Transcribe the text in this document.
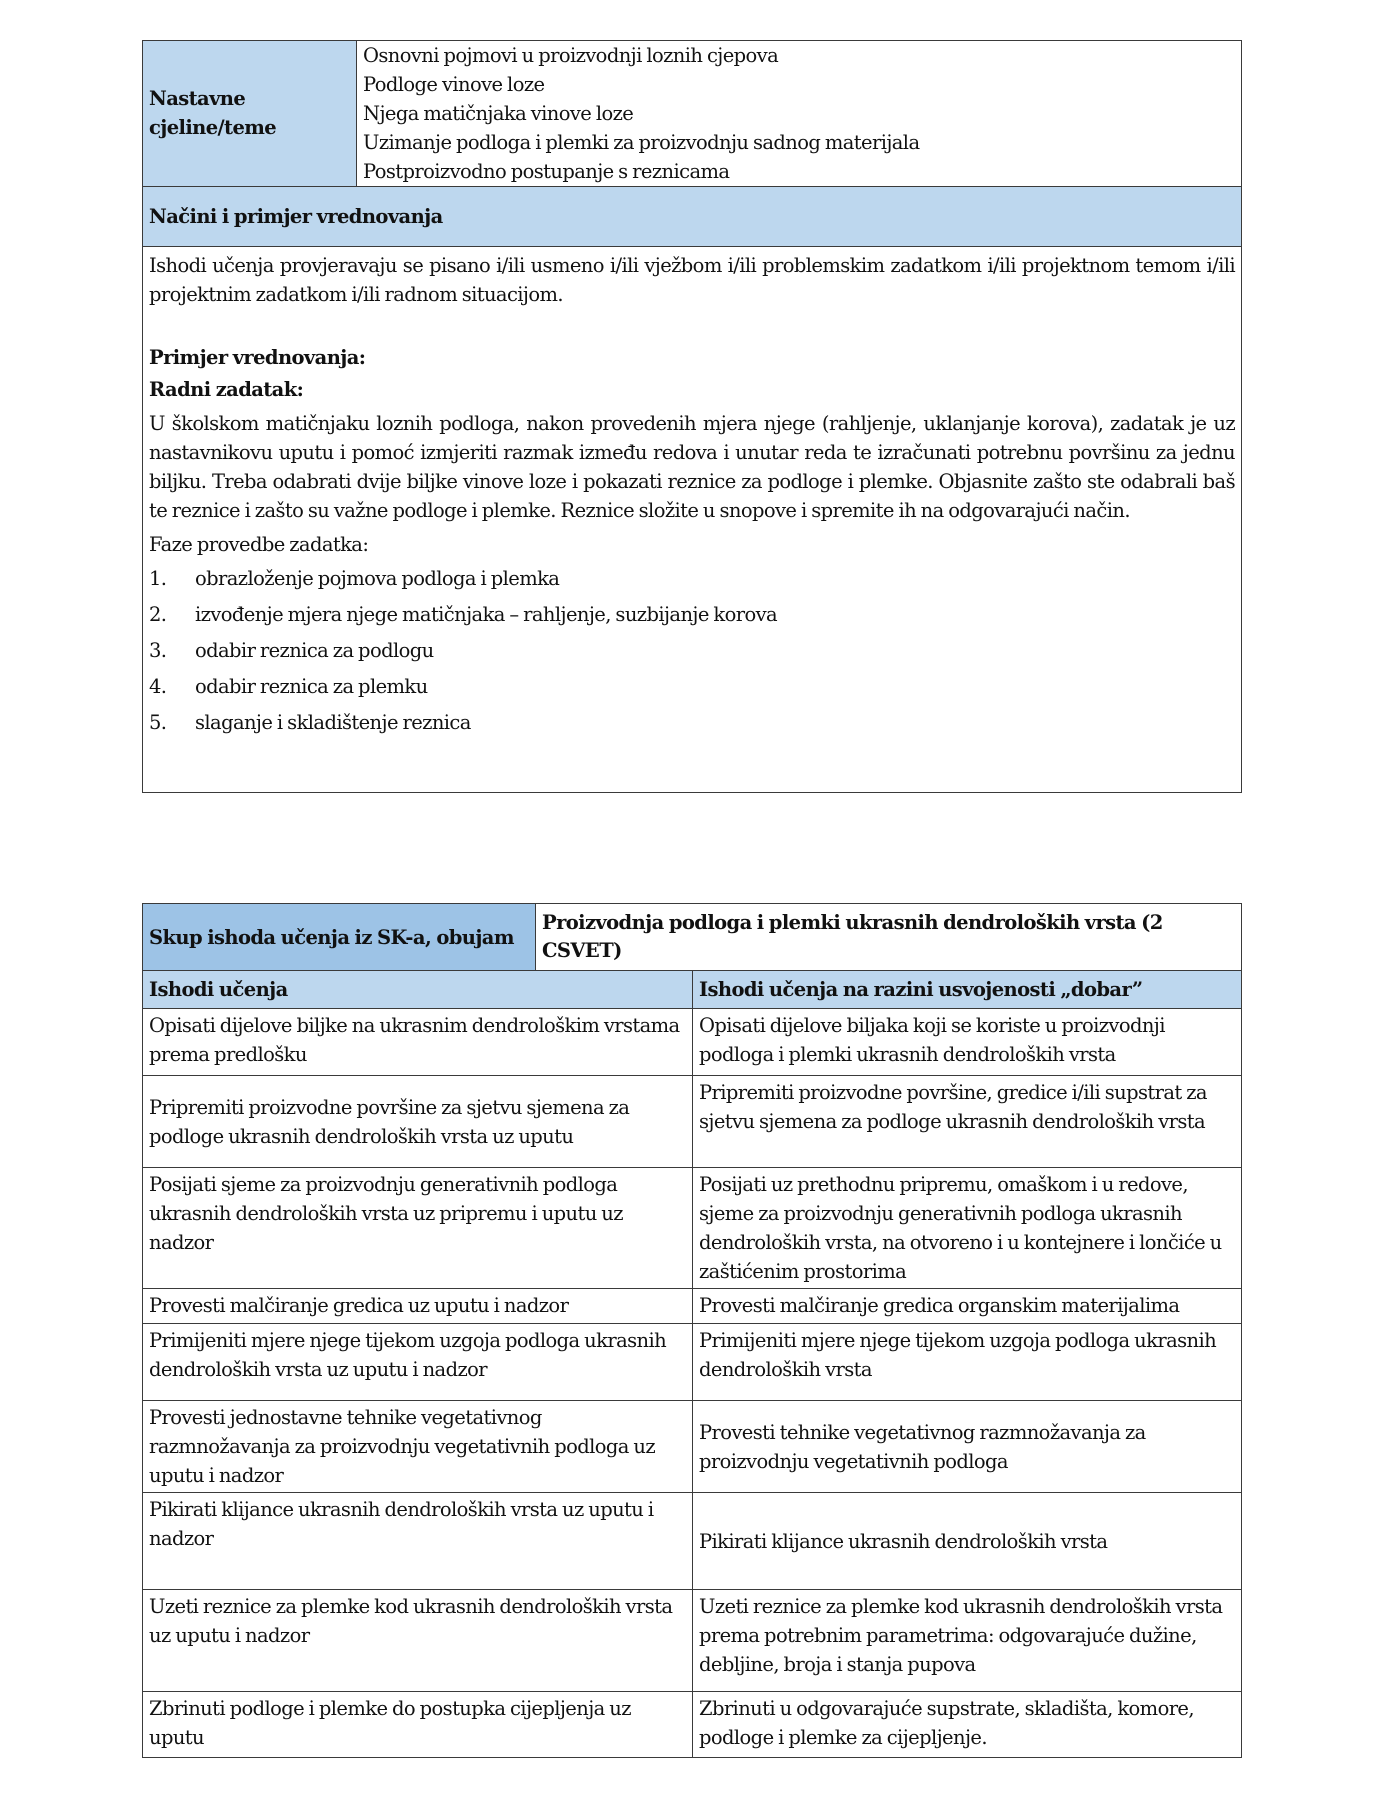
Nastavne cjeline/teme	
Osnovni pojmovi u proizvodnji loznih cjepova
Podloge vinove loze
Njega matičnjaka vinove loze
Uzimanje podloga i plemki za proizvodnju sadnog materijala
Postproizvodno postupanje s reznicama

Načini i primjer vrednovanja

Ishodi učenja provjeravaju se pisano i/ili usmeno i/ili vježbom i/ili problemskim zadatkom i/ili projektnom temom i/ili projektnim zadatkom i/ili radnom situacijom.

Primjer vrednovanja:

Radni zadatak:

U školskom matičnjaku loznih podloga, nakon provedenih mjera njege (rahljenje, uklanjanje korova), zadatak je uz nastavnikovu uputu i pomoć izmjeriti razmak između redova i unutar reda te izračunati potrebnu površinu za jednu biljku. Treba odabrati dvije biljke vinove loze i pokazati reznice za podloge i plemke. Objasnite zašto ste odabrali baš te reznice i zašto su važne podloge i plemke. Reznice složite u snopove i spremite ih na odgovarajući način.

Faze provedbe zadatka:

1.	obrazloženje pojmova podloga i plemka
2.	izvođenje mjera njege matičnjaka – rahljenje, suzbijanje korova
3.	odabir reznica za podlogu
4.	odabir reznica za plemku
5.	slaganje i skladištenje reznica
Skup ishoda učenja iz SK-a, obujam	Proizvodnja podloga i plemki ukrasnih dendroloških vrsta (2 CSVET)	
Ishodi učenja		Ishodi učenja na razini usvojenosti „dobar”
Opisati dijelove biljke na ukrasnim dendrološkim vrstama prema predlošku		Opisati dijelove biljaka koji se koriste u proizvodnji podloga i plemki ukrasnih dendroloških vrsta
Pripremiti proizvodne površine za sjetvu sjemena za podloge ukrasnih dendroloških vrsta uz uputu		Pripremiti proizvodne površine, gredice i/ili supstrat za sjetvu sjemena za podloge ukrasnih dendroloških vrsta
Posijati sjeme za proizvodnju generativnih podloga ukrasnih dendroloških vrsta uz pripremu i uputu uz nadzor		Posijati uz prethodnu pripremu, omaškom i u redove, sjeme za proizvodnju generativnih podloga ukrasnih dendroloških vrsta, na otvoreno i u kontejnere i lončiće u zaštićenim prostorima
Provesti malčiranje gredica uz uputu i nadzor		Provesti malčiranje gredica organskim materijalima
Primijeniti mjere njege tijekom uzgoja podloga ukrasnih dendroloških vrsta uz uputu i nadzor		Primijeniti mjere njege tijekom uzgoja podloga ukrasnih dendroloških vrsta
Provesti jednostavne tehnike vegetativnog razmnožavanja za proizvodnju vegetativnih podloga uz uputu i nadzor		Provesti tehnike vegetativnog razmnožavanja za proizvodnju vegetativnih podloga
Pikirati klijance ukrasnih dendroloških vrsta uz uputu i nadzor		Pikirati klijance ukrasnih dendroloških vrsta
Uzeti reznice za plemke kod ukrasnih dendroloških vrsta uz uputu i nadzor		Uzeti reznice za plemke kod ukrasnih dendroloških vrsta prema potrebnim parametrima: odgovarajuće dužine, debljine, broja i stanja pupova
Zbrinuti podloge i plemke do postupka cijepljenja uz uputu		Zbrinuti u odgovarajuće supstrate, skladišta, komore, podloge i plemke za cijepljenje.
